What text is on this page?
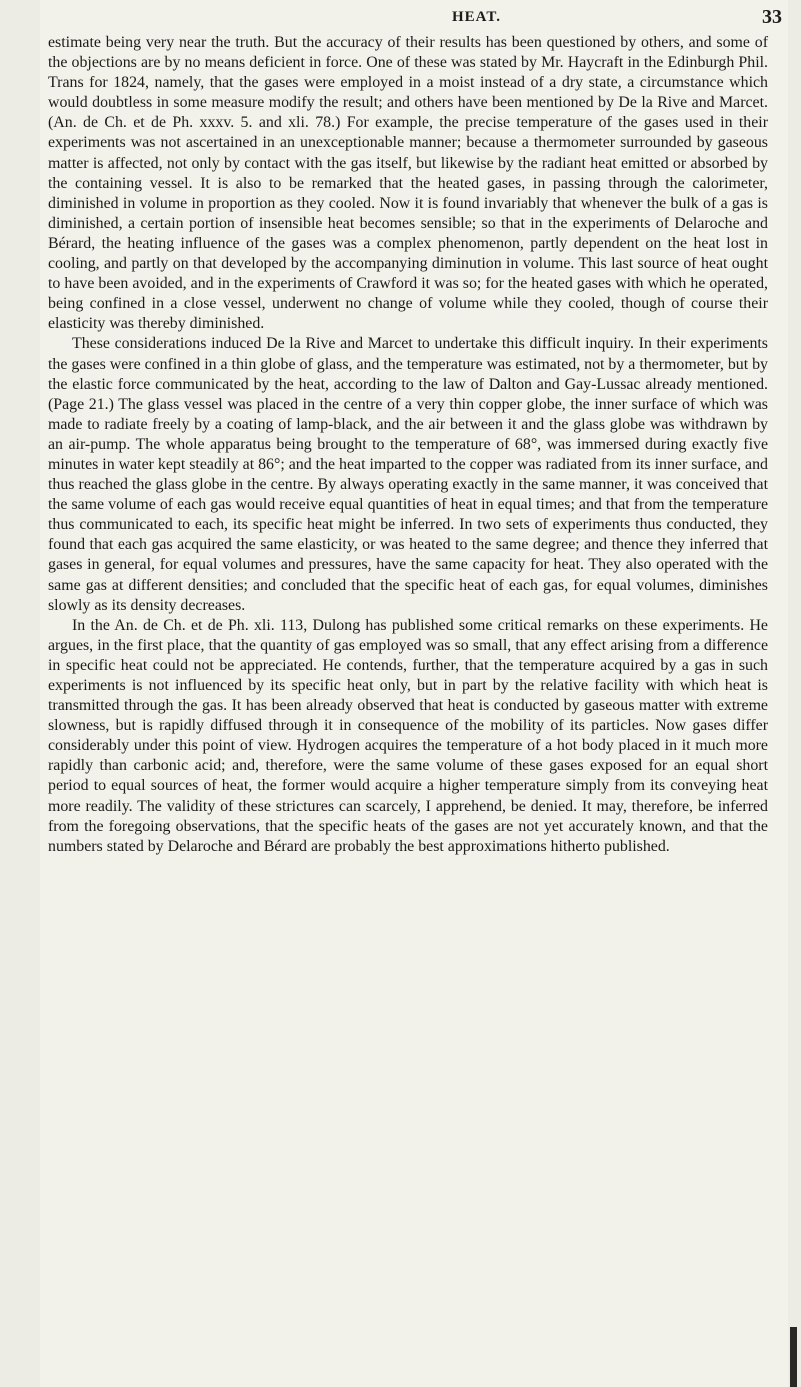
HEAT.	33

estimate being very near the truth. But the accuracy of their results has been questioned by others, and some of the objections are by no means deficient in force. One of these was stated by Mr. Haycraft in the Edinburgh Phil. Trans for 1824, namely, that the gases were employed in a moist instead of a dry state, a circumstance which would doubtless in some measure modify the result; and others have been mentioned by De la Rive and Marcet. (An. de Ch. et de Ph. xxxv. 5. and xli. 78.) For example, the precise temperature of the gases used in their experiments was not ascertained in an unexceptionable manner; because a thermometer surrounded by gaseous matter is affected, not only by contact with the gas itself, but likewise by the radiant heat emitted or absorbed by the containing vessel. It is also to be remarked that the heated gases, in passing through the calorimeter, diminished in volume in proportion as they cooled. Now it is found invariably that whenever the bulk of a gas is diminished, a certain portion of insensible heat becomes sensible; so that in the experiments of Delaroche and Bérard, the heating influence of the gases was a complex phenomenon, partly dependent on the heat lost in cooling, and partly on that developed by the accompanying diminution in volume. This last source of heat ought to have been avoided, and in the experiments of Crawford it was so; for the heated gases with which he operated, being confined in a close vessel, underwent no change of volume while they cooled, though of course their elasticity was thereby diminished.

These considerations induced De la Rive and Marcet to undertake this difficult inquiry. In their experiments the gases were confined in a thin globe of glass, and the temperature was estimated, not by a thermometer, but by the elastic force communicated by the heat, according to the law of Dalton and Gay-Lussac already mentioned. (Page 21.) The glass vessel was placed in the centre of a very thin copper globe, the inner surface of which was made to radiate freely by a coating of lamp-black, and the air between it and the glass globe was withdrawn by an air-pump. The whole apparatus being brought to the temperature of 68°, was immersed during exactly five minutes in water kept steadily at 86°; and the heat imparted to the copper was radiated from its inner surface, and thus reached the glass globe in the centre. By always operating exactly in the same manner, it was conceived that the same volume of each gas would receive equal quantities of heat in equal times; and that from the temperature thus communicated to each, its specific heat might be inferred. In two sets of experiments thus conducted, they found that each gas acquired the same elasticity, or was heated to the same degree; and thence they inferred that gases in general, for equal volumes and pressures, have the same capacity for heat. They also operated with the same gas at different densities; and concluded that the specific heat of each gas, for equal volumes, diminishes slowly as its density decreases.

In the An. de Ch. et de Ph. xli. 113, Dulong has published some critical remarks on these experiments. He argues, in the first place, that the quantity of gas employed was so small, that any effect arising from a difference in specific heat could not be appreciated. He contends, further, that the temperature acquired by a gas in such experiments is not influenced by its specific heat only, but in part by the relative facility with which heat is transmitted through the gas. It has been already observed that heat is conducted by gaseous matter with extreme slowness, but is rapidly diffused through it in consequence of the mobility of its particles. Now gases differ considerably under this point of view. Hydrogen acquires the temperature of a hot body placed in it much more rapidly than carbonic acid; and, therefore, were the same volume of these gases exposed for an equal short period to equal sources of heat, the former would acquire a higher temperature simply from its conveying heat more readily. The validity of these strictures can scarcely, I apprehend, be denied. It may, therefore, be inferred from the foregoing observations, that the specific heats of the gases are not yet accurately known, and that the numbers stated by Delaroche and Bérard are probably the best approximations hitherto published.
